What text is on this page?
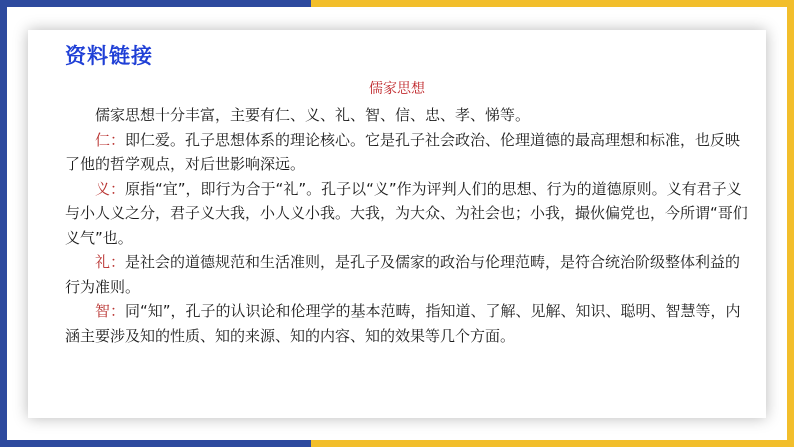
资料链接
儒家思想

儒家思想十分丰富，主要有仁、义、礼、智、信、忠、孝、悌等。

仁：即仁爱。孔子思想体系的理论核心。它是孔子社会政治、伦理道德的最高理想和标准，也反映了他的哲学观点，对后世影响深远。

义：原指“宜”，即行为合于“礼”。孔子以“义”作为评判人们的思想、行为的道德原则。义有君子义与小人义之分，君子义大我，小人义小我。大我，为大众、为社会也；小我，撮伙偏党也，今所谓“哥们义气”也。

礼：是社会的道德规范和生活准则，是孔子及儒家的政治与伦理范畴，是符合统治阶级整体利益的行为准则。

智：同“知”，孔子的认识论和伦理学的基本范畴，指知道、了解、见解、知识、聪明、智慧等，内涵主要涉及知的性质、知的来源、知的内容、知的效果等几个方面。
